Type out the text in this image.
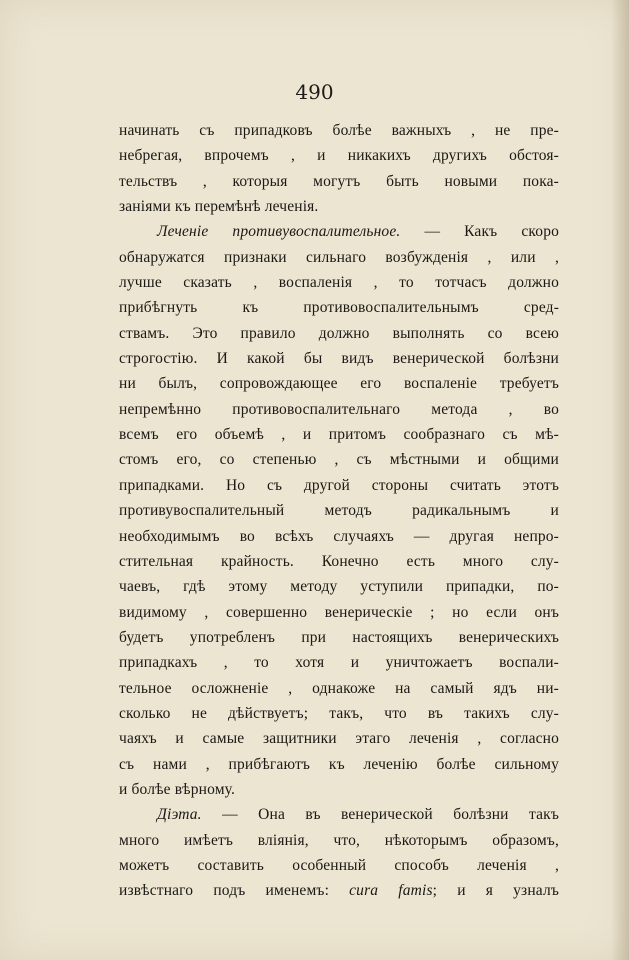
490
начинать съ припадковъ болѣе важныхъ , не пре-
небрегая, впрочемъ , и никакихъ другихъ обстоя-
тельствъ , которыя могутъ быть новыми пока-
заніями къ перемѣнѣ леченія.
Леченіе противувоспалительное. — Какъ скоро
обнаружатся признаки сильнаго возбужденія , или ,
лучше сказать , воспаленія , то тотчасъ должно
прибѣгнуть къ противовоспалительнымъ сред-
ствамъ. Это правило должно выполнять со всею
строгостію. И какой бы видъ венерической болѣзни
ни былъ, сопровождающее его воспаленіе требуетъ
непремѣнно противовоспалительнаго метода , во
всемъ его объемѣ , и притомъ сообразнаго съ мѣ-
стомъ его, со степенью , съ мѣстными и общими
припадками. Но съ другой стороны считать этотъ
противувоспалительный методъ радикальнымъ и
необходимымъ во всѣхъ случаяхъ — другая непро-
стительная крайность. Конечно есть много слу-
чаевъ, гдѣ этому методу уступили припадки, по-
видимому , совершенно венерическіе ; но если онъ
будетъ употребленъ при настоящихъ венерическихъ
припадкахъ , то хотя и уничтожаетъ воспали-
тельное осложненіе , однакоже на самый ядъ ни-
сколько не дѣйствуетъ; такъ, что въ такихъ слу-
чаяхъ и самые защитники этаго леченія , согласно
съ нами , прибѣгаютъ къ леченію болѣе сильному
и болѣе вѣрному.
Діэта. — Она въ венерической болѣзни такъ
много имѣетъ вліянія, что, нѣкоторымъ образомъ,
можетъ составить особенный способъ леченія ,
извѣстнаго подъ именемъ: cura famis; и я узналъ
